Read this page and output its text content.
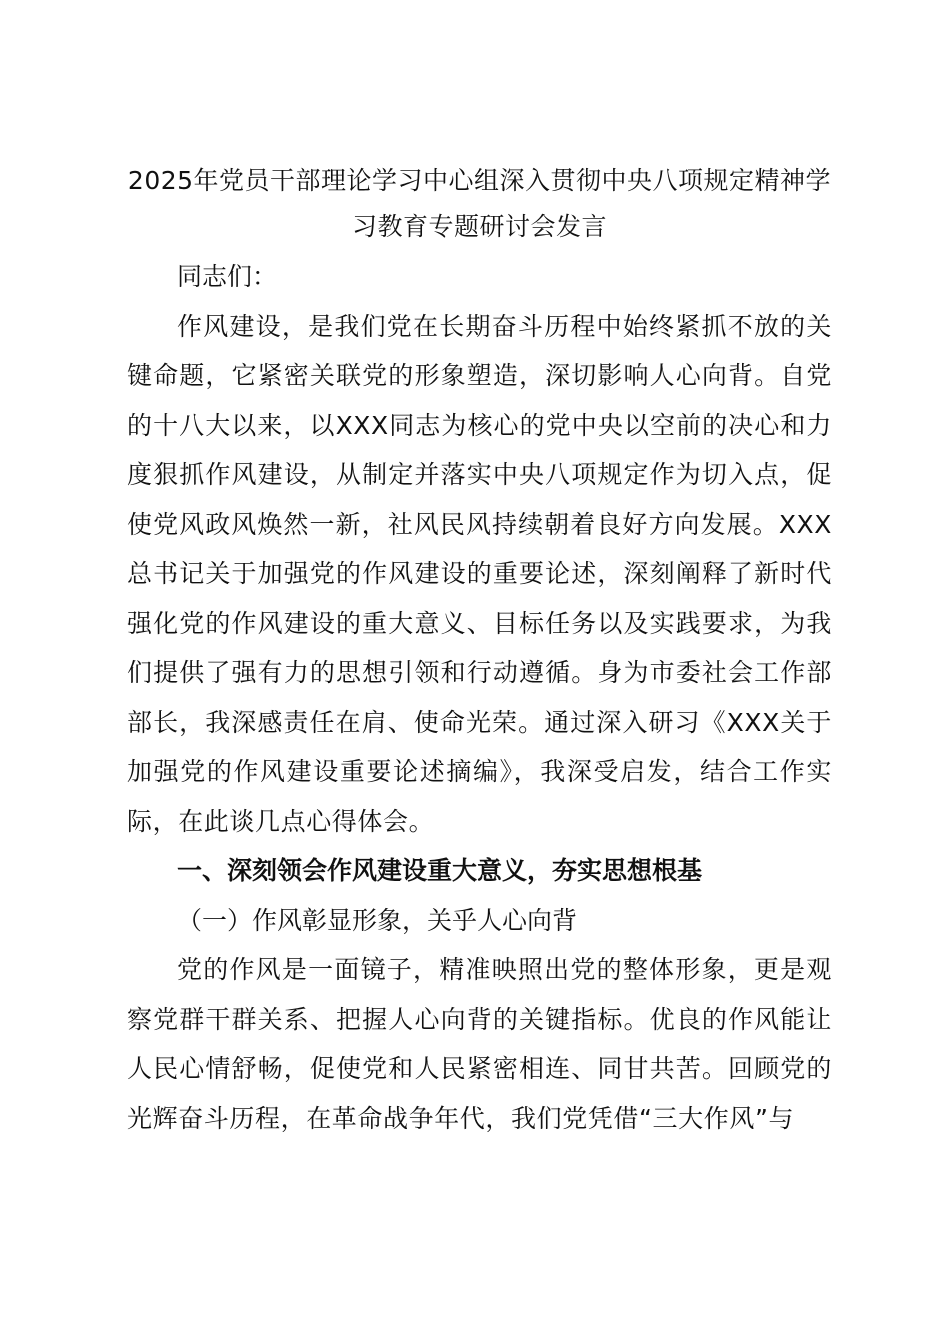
2025年党员干部理论学习中心组深入贯彻中央八项规定精神学
习教育专题研讨会发言

同志们：

作风建设，是我们党在长期奋斗历程中始终紧抓不放的关键命题，它紧密关联党的形象塑造，深切影响人心向背。自党的十八大以来，以XXX同志为核心的党中央以空前的决心和力度狠抓作风建设，从制定并落实中央八项规定作为切入点，促使党风政风焕然一新，社风民风持续朝着良好方向发展。XXX总书记关于加强党的作风建设的重要论述，深刻阐释了新时代强化党的作风建设的重大意义、目标任务以及实践要求，为我们提供了强有力的思想引领和行动遵循。身为市委社会工作部部长，我深感责任在肩、使命光荣。通过深入研习《XXX关于加强党的作风建设重要论述摘编》，我深受启发，结合工作实际，在此谈几点心得体会。

一、深刻领会作风建设重大意义，夯实思想根基

（一）作风彰显形象，关乎人心向背

党的作风是一面镜子，精准映照出党的整体形象，更是观察党群干群关系、把握人心向背的关键指标。优良的作风能让人民心情舒畅，促使党和人民紧密相连、同甘共苦。回顾党的光辉奋斗历程，在革命战争年代，我们党凭借“三大作风”与
